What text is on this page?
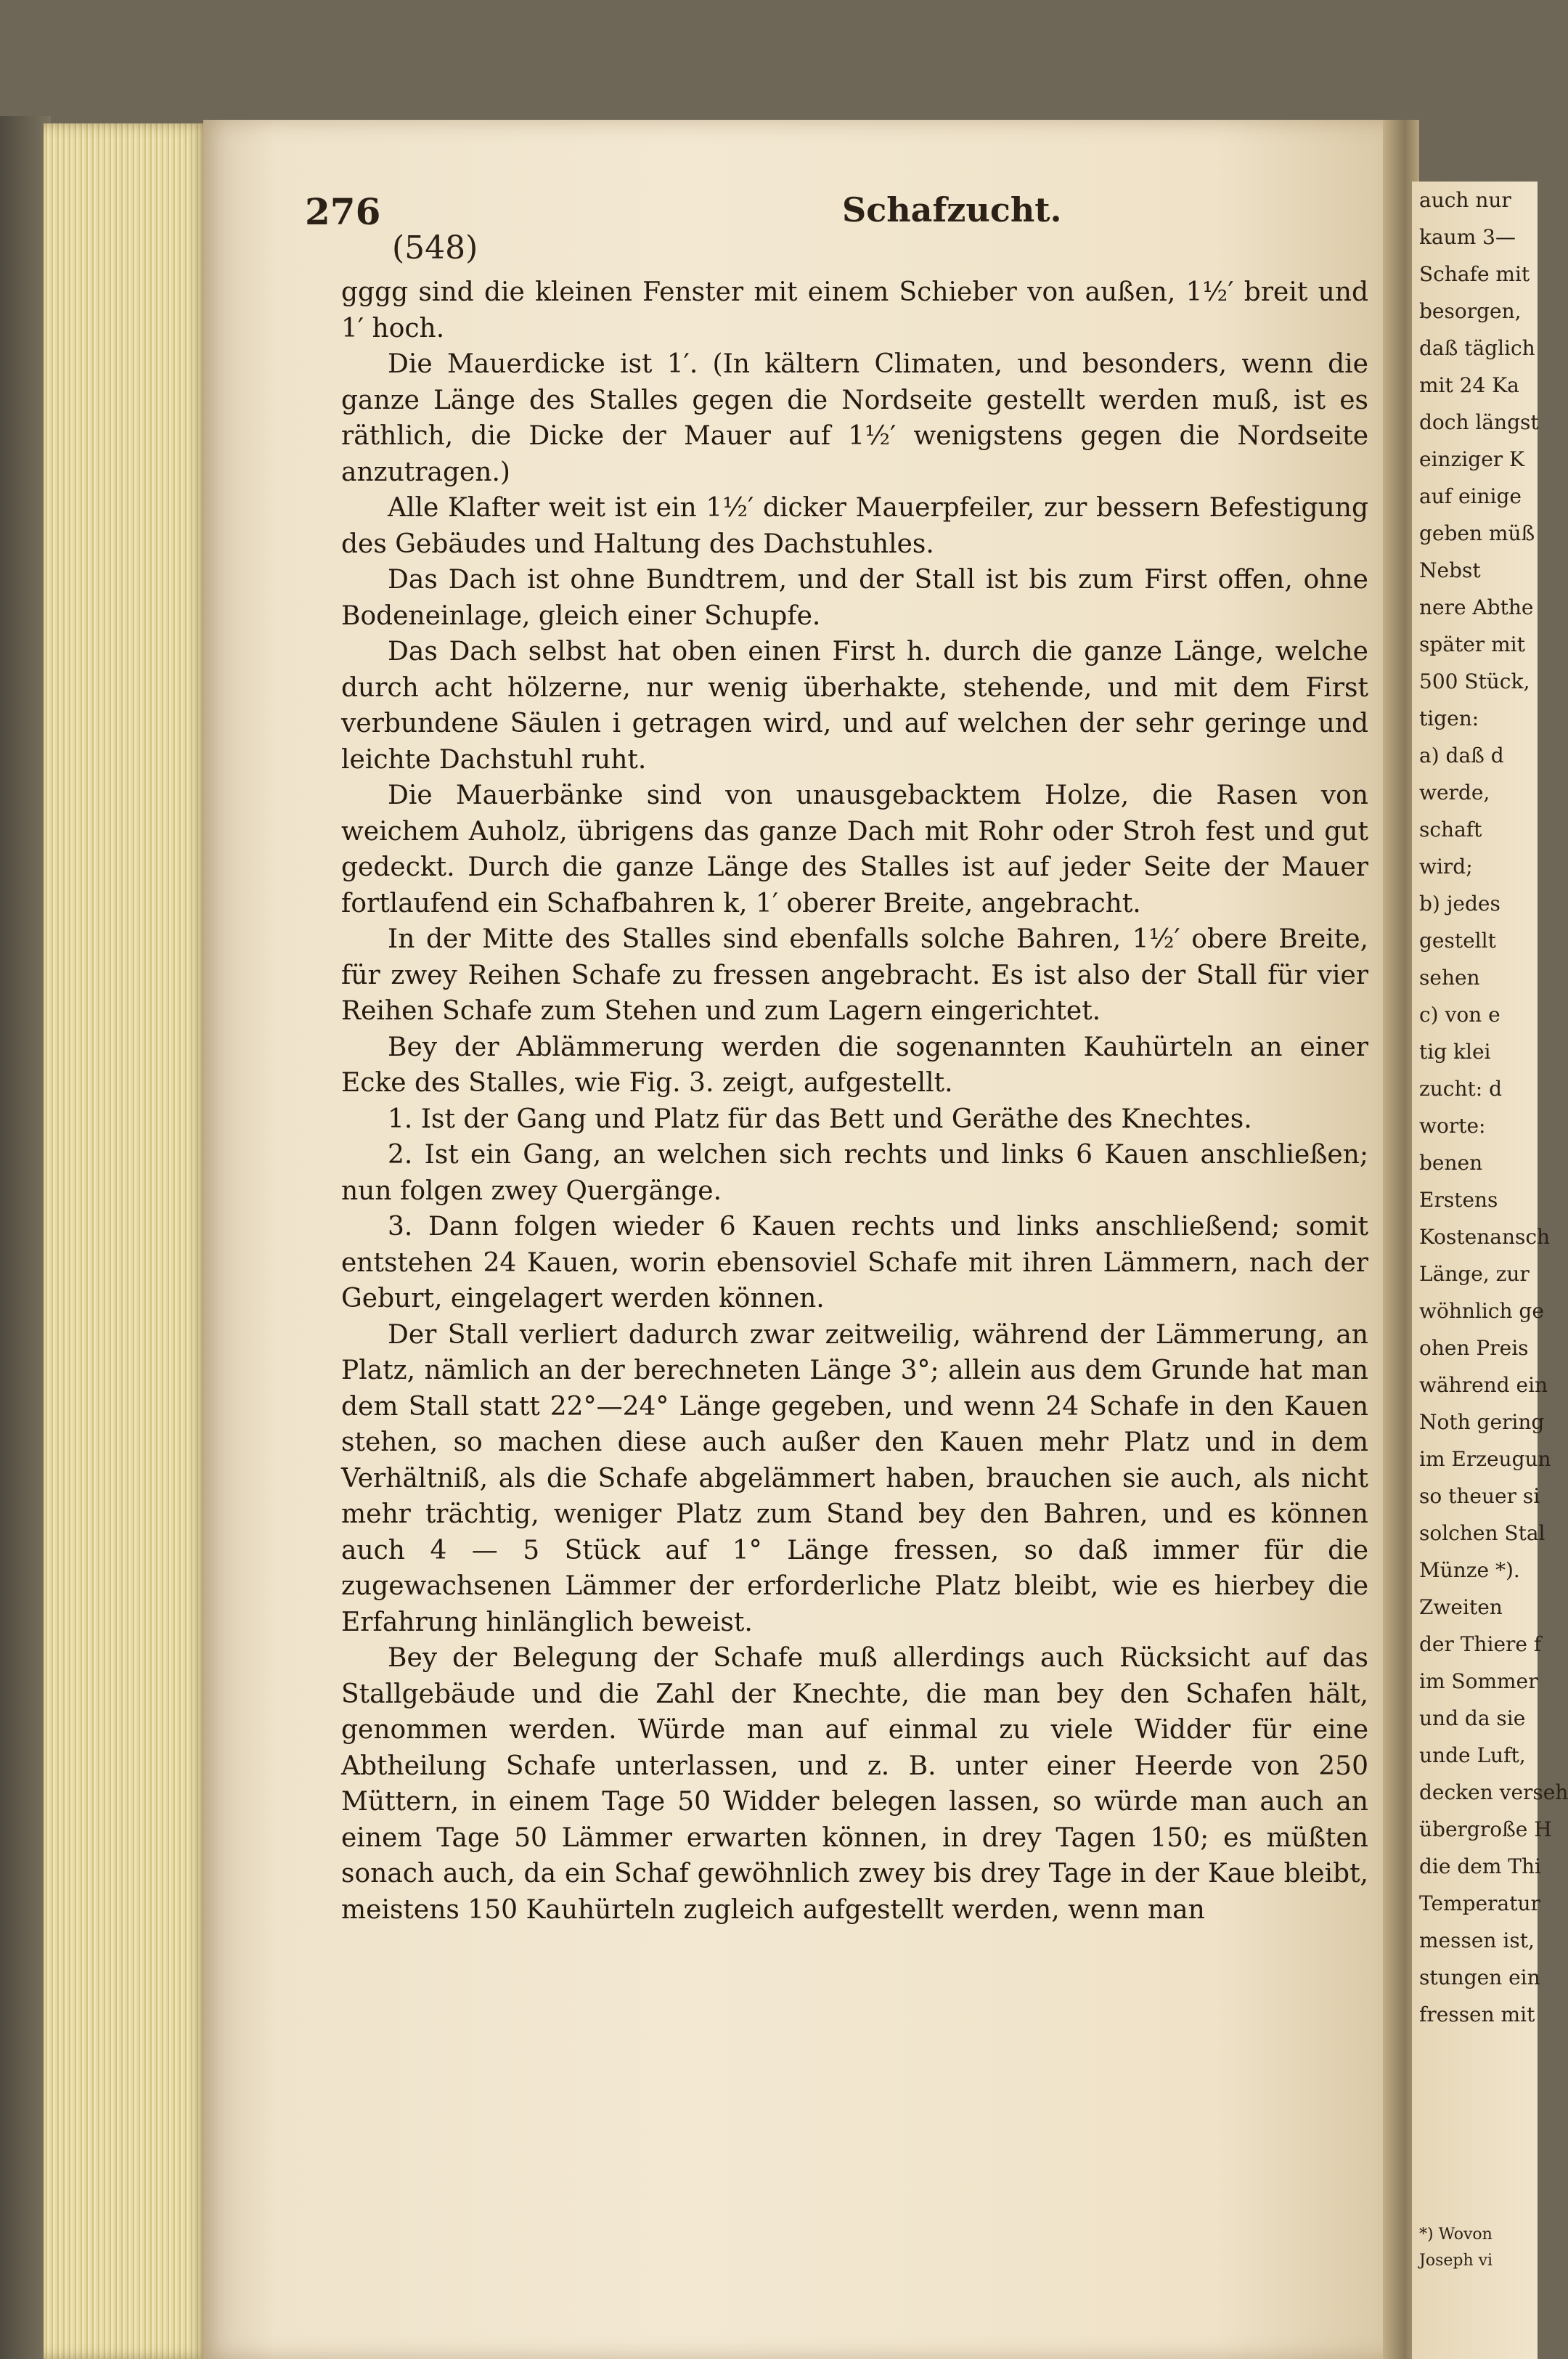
auch nur
kaum 3—
Schafe mit
besorgen,
daß täglich
mit 24 Ka
doch längst
einziger K
auf einige
geben müß
Nebst
nere Abthe
später mit
500 Stück,
tigen:
a) daß d
werde,
schaft
wird;
b) jedes
gestellt
sehen
c) von e
tig klei
zucht: d
worte:
benen
Erstens
Kostenansch
Länge, zur
wöhnlich ge
ohen Preis
während ein
Noth gering
im Erzeugun
so theuer si
solchen Stal
Münze *).
Zweiten
der Thiere f
im Sommer
und da sie
unde Luft,
decken verseh
übergroße H
die dem Thi
Temperatur
messen ist,
stungen ein
fressen mit
*) Wovon
Joseph vi
276	Schafzucht.
(548)

gggg sind die kleinen Fenster mit einem Schieber von außen, 1½′ breit und 1′ hoch.

Die Mauerdicke ist 1′. (In kältern Climaten, und besonders, wenn die ganze Länge des Stalles gegen die Nordseite gestellt werden muß, ist es räthlich, die Dicke der Mauer auf 1½′ wenigstens gegen die Nordseite anzutragen.)

Alle Klafter weit ist ein 1½′ dicker Mauerpfeiler, zur bessern Befestigung des Gebäudes und Haltung des Dachstuhles.

Das Dach ist ohne Bundtrem, und der Stall ist bis zum First offen, ohne Bodeneinlage, gleich einer Schupfe.

Das Dach selbst hat oben einen First h. durch die ganze Länge, welche durch acht hölzerne, nur wenig überhakte, stehende, und mit dem First verbundene Säulen i getragen wird, und auf welchen der sehr geringe und leichte Dachstuhl ruht.

Die Mauerbänke sind von unausgebacktem Holze, die Rasen von weichem Auholz, übrigens das ganze Dach mit Rohr oder Stroh fest und gut gedeckt. Durch die ganze Länge des Stalles ist auf jeder Seite der Mauer fortlaufend ein Schafbahren k, 1′ oberer Breite, angebracht.

In der Mitte des Stalles sind ebenfalls solche Bahren, 1½′ obere Breite, für zwey Reihen Schafe zu fressen angebracht. Es ist also der Stall für vier Reihen Schafe zum Stehen und zum Lagern eingerichtet.

Bey der Ablämmerung werden die sogenannten Kauhürteln an einer Ecke des Stalles, wie Fig. 3. zeigt, aufgestellt.

1. Ist der Gang und Platz für das Bett und Geräthe des Knechtes.

2. Ist ein Gang, an welchen sich rechts und links 6 Kauen anschließen; nun folgen zwey Quergänge.

3. Dann folgen wieder 6 Kauen rechts und links anschließend; somit entstehen 24 Kauen, worin ebensoviel Schafe mit ihren Lämmern, nach der Geburt, eingelagert werden können.

Der Stall verliert dadurch zwar zeitweilig, während der Lämmerung, an Platz, nämlich an der berechneten Länge 3°; allein aus dem Grunde hat man dem Stall statt 22°—24° Länge gegeben, und wenn 24 Schafe in den Kauen stehen, so machen diese auch außer den Kauen mehr Platz und in dem Verhältniß, als die Schafe abgelämmert haben, brauchen sie auch, als nicht mehr trächtig, weniger Platz zum Stand bey den Bahren, und es können auch 4 — 5 Stück auf 1° Länge fressen, so daß immer für die zugewachsenen Lämmer der erforderliche Platz bleibt, wie es hierbey die Erfahrung hinlänglich beweist.

Bey der Belegung der Schafe muß allerdings auch Rücksicht auf das Stallgebäude und die Zahl der Knechte, die man bey den Schafen hält, genommen werden. Würde man auf einmal zu viele Widder für eine Abtheilung Schafe unterlassen, und z. B. unter einer Heerde von 250 Müttern, in einem Tage 50 Widder belegen lassen, so würde man auch an einem Tage 50 Lämmer erwarten können, in drey Tagen 150; es müßten sonach auch, da ein Schaf gewöhnlich zwey bis drey Tage in der Kaue bleibt, meistens 150 Kauhürteln zugleich aufgestellt werden, wenn man
